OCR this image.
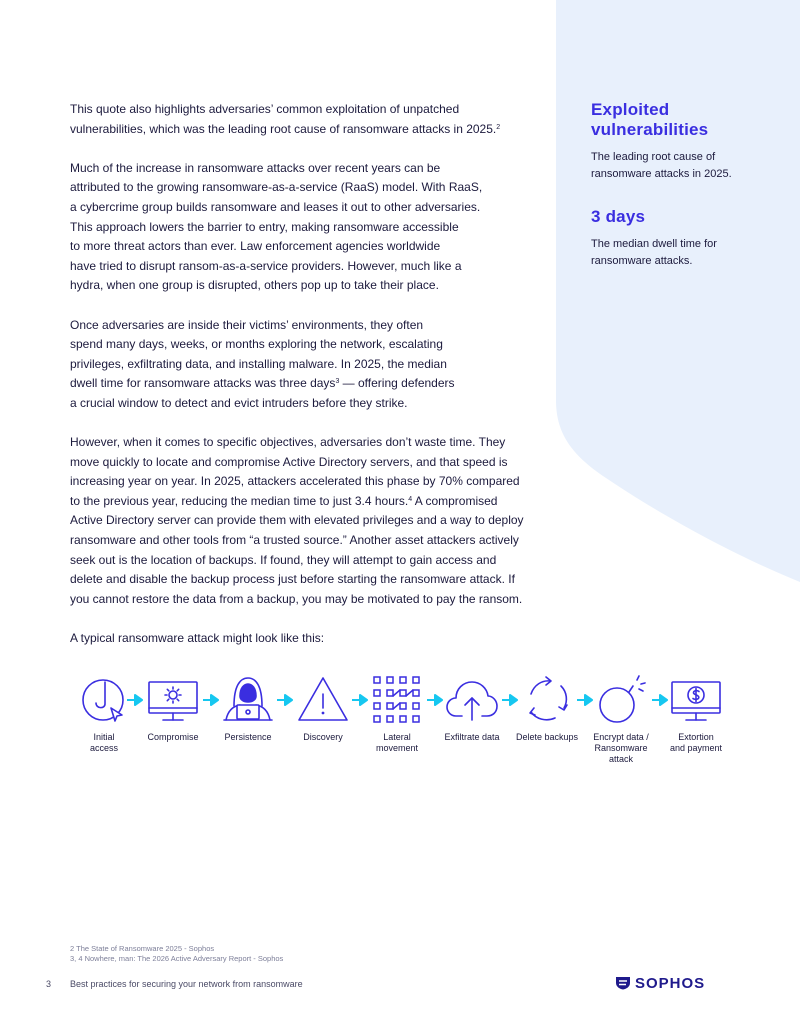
This quote also highlights adversaries’ common exploitation of unpatched
vulnerabilities, which was the leading root cause of ransomware attacks in 2025.$^2$

Much of the increase in ransomware attacks over recent years can be
attributed to the growing ransomware-as-a-service (RaaS) model. With RaaS,
a cybercrime group builds ransomware and leases it out to other adversaries.
This approach lowers the barrier to entry, making ransomware accessible
to more threat actors than ever. Law enforcement agencies worldwide
have tried to disrupt ransom-as-a-service providers. However, much like a
hydra, when one group is disrupted, others pop up to take their place.

Once adversaries are inside their victims’ environments, they often
spend many days, weeks, or months exploring the network, escalating
privileges, exfiltrating data, and installing malware. In 2025, the median
dwell time for ransomware attacks was three days$^3$ — offering defenders
a crucial window to detect and evict intruders before they strike.

However, when it comes to specific objectives, adversaries don’t waste time. They
move quickly to locate and compromise Active Directory servers, and that speed is
increasing year on year. In 2025, attackers accelerated this phase by 70% compared
to the previous year, reducing the median time to just 3.4 hours.$^4$ A compromised
Active Directory server can provide them with elevated privileges and a way to deploy
ransomware and other tools from “a trusted source.” Another asset attackers actively
seek out is the location of backups. If found, they will attempt to gain access and
delete and disable the backup process just before starting the ransomware attack. If
you cannot restore the data from a backup, you may be motivated to pay the ransom.

A typical ransomware attack might look like this:

Exploited vulnerabilities
The leading root cause of ransomware attacks in 2025.
3 days
The median dwell time for ransomware attacks.
Initial
access
Compromise	Persistence	Discovery	Lateral
movement
Exfiltrate data	Delete backups	Encrypt data /
Ransomware
attack
Extortion
and payment
2 The State of Ransomware 2025 - Sophos
3, 4 Nowhere, man: The 2026 Active Adversary Report - Sophos
3 Best practices for securing your network from ransomware	SOPHOS
